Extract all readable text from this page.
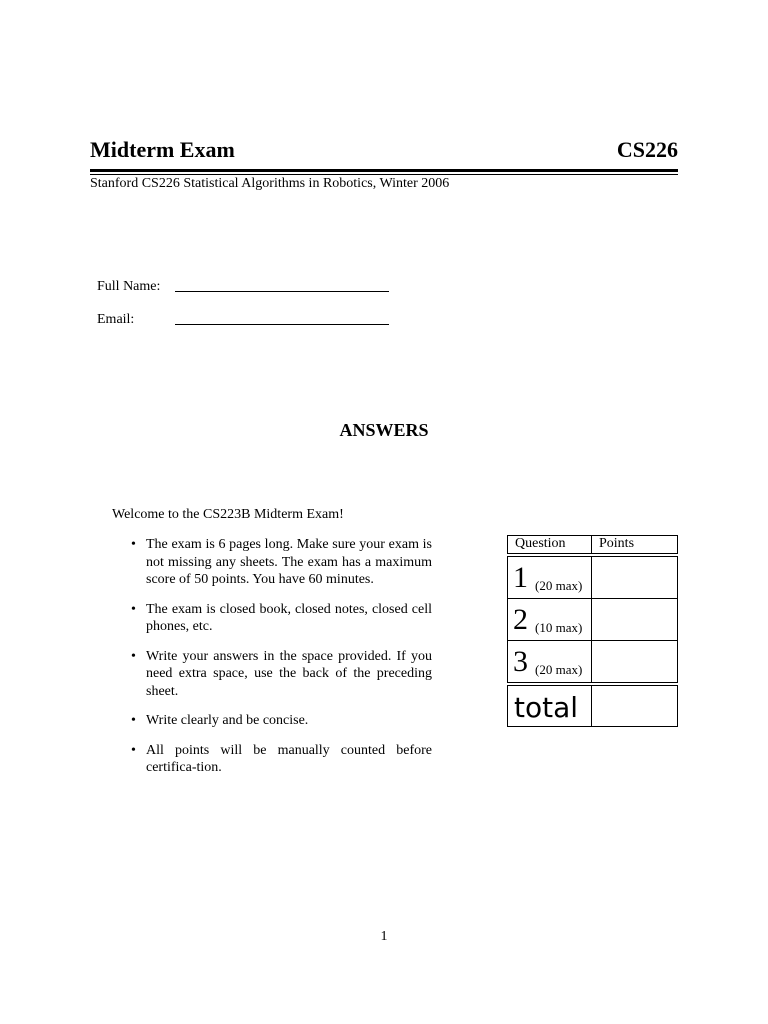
Midterm Exam	CS226
Stanford CS226 Statistical Algorithms in Robotics, Winter 2006
Full Name:
Email:
ANSWERS
Welcome to the CS223B Midterm Exam!
• The exam is 6 pages long. Make sure your exam is not missing any sheets. The exam has a maximum score of 50 points. You have 60 minutes.
• The exam is closed book, closed notes, closed cell phones, etc.
• Write your answers in the space provided. If you need extra space, use the back of the preceding sheet.
• Write clearly and be concise.
• All points will be manually counted before certifica-tion.
Question Points
1 (20 max)
2 (10 max)
3 (20 max)
total
1
